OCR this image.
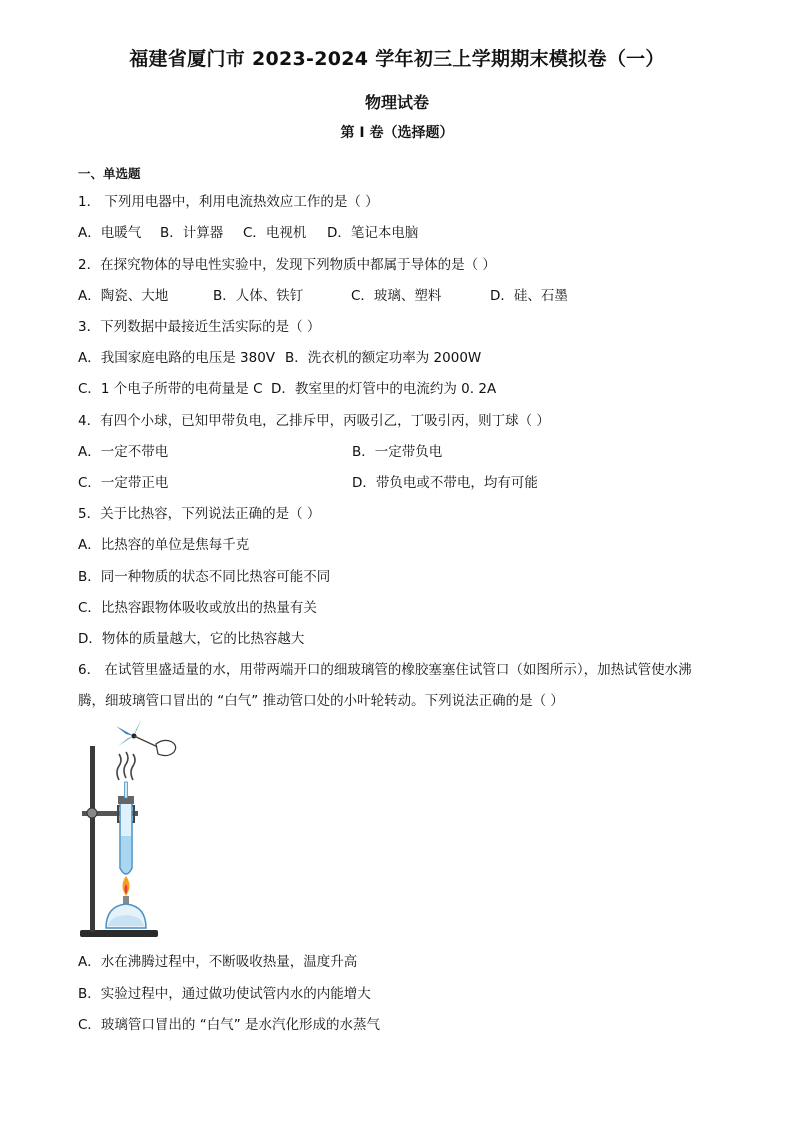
福建省厦门市 2023-2024 学年初三上学期期末模拟卷（一）
物理试卷
第 I 卷（选择题）
一、单选题
1． 下列用电器中，利用电流热效应工作的是（ ）
A．电暖气 B．计算器 C．电视机 D．笔记本电脑
2．在探究物体的导电性实验中，发现下列物质中都属于导体的是（ ）
A．陶瓷、大地	B．人体、铁钉	C．玻璃、塑料	D．硅、石墨
3．下列数据中最接近生活实际的是（ ）
A．我国家庭电路的电压是 380V B．洗衣机的额定功率为 2000W
C．1 个电子所带的电荷量是 C D．教室里的灯管中的电流约为 0. 2A
4．有四个小球，已知甲带负电，乙排斥甲，丙吸引乙，丁吸引丙，则丁球（ ）
A．一定不带电	B．一定带负电
C．一定带正电	D．带负电或不带电，均有可能
5．关于比热容，下列说法正确的是（ ）
A．比热容的单位是焦每千克
B．同一种物质的状态不同比热容可能不同
C．比热容跟物体吸收或放出的热量有关
D．物体的质量越大，它的比热容越大
6． 在试管里盛适量的水，用带两端开口的细玻璃管的橡胶塞塞住试管口（如图所示），加热试管使水沸
腾，细玻璃管口冒出的 “白气” 推动管口处的小叶轮转动。下列说法正确的是（ ）
A．水在沸腾过程中，不断吸收热量，温度升高
B．实验过程中，通过做功使试管内水的内能增大
C．玻璃管口冒出的 “白气” 是水汽化形成的水蒸气
